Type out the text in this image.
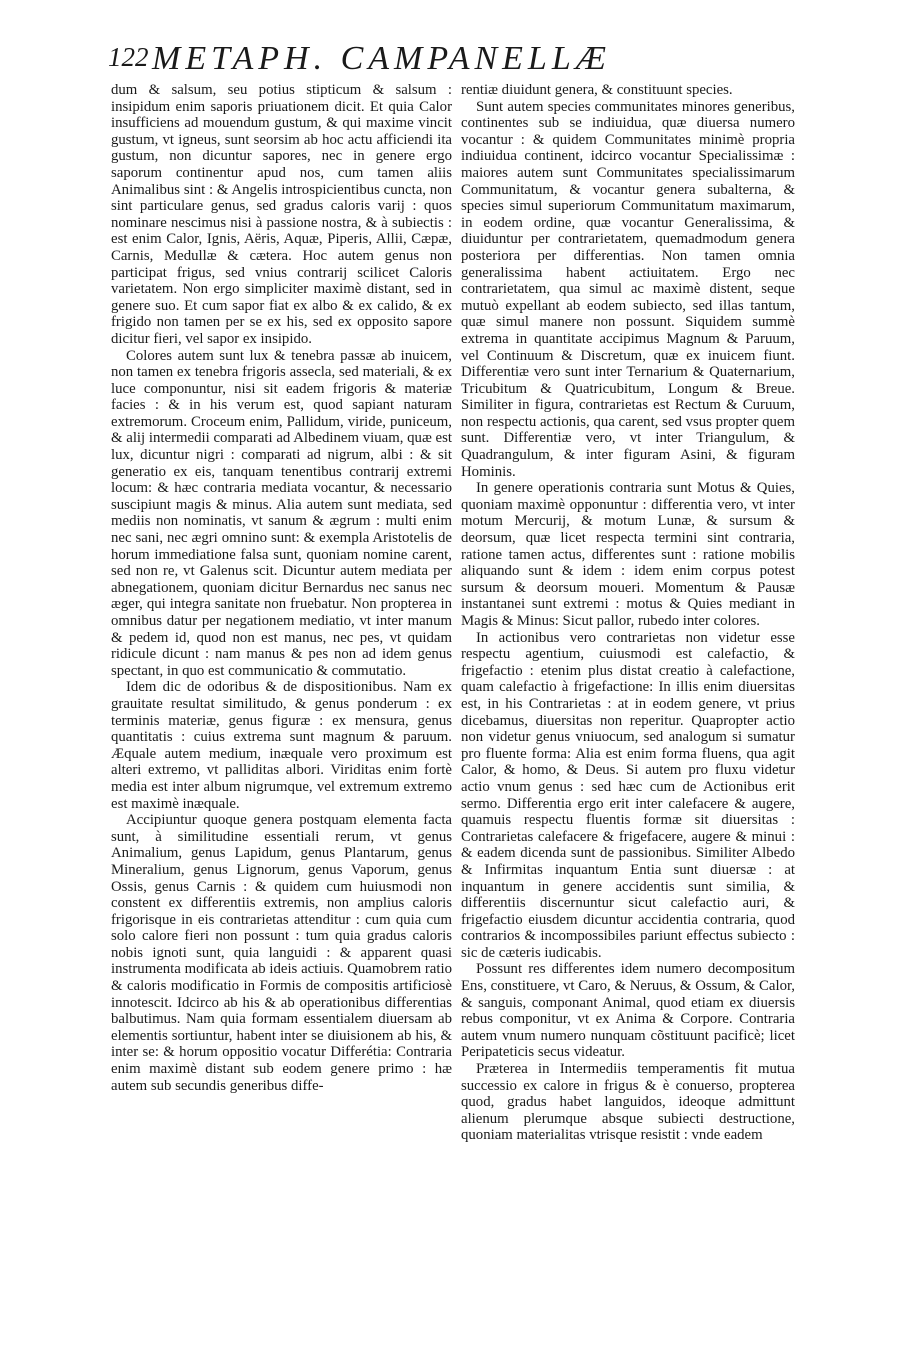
122 METAPH. CAMPANELLÆ

dum & salsum, seu potius stipticum & salsum : insipidum enim saporis priuationem dicit. Et quia Calor insufficiens ad mouendum gustum, & qui maxime vincit gustum, vt igneus, sunt seorsim ab hoc actu afficiendi ita gustum, non dicuntur sapores, nec in genere ergo saporum continentur apud nos, cum tamen aliis Animalibus sint : & Angelis introspicientibus cuncta, non sint particulare genus, sed gradus caloris varij : quos nominare nescimus nisi à passione nostra, & à subiectis : est enim Calor, Ignis, Aëris, Aquæ, Piperis, Allii, Cæpæ, Carnis, Medullæ & cætera. Hoc autem genus non participat frigus, sed vnius contrarij scilicet Caloris varietatem. Non ergo simpliciter maximè distant, sed in genere suo. Et cum sapor fiat ex albo & ex calido, & ex frigido non tamen per se ex his, sed ex opposito sapore dicitur fieri, vel sapor ex insipido.

Colores autem sunt lux & tenebra passæ ab inuicem, non tamen ex tenebra frigoris assecla, sed materiali, & ex luce componuntur, nisi sit eadem frigoris & materiæ facies : & in his verum est, quod sapiant naturam extremorum. Croceum enim, Pallidum, viride, puniceum, & alij intermedii comparati ad Albedinem viuam, quæ est lux, dicuntur nigri : comparati ad nigrum, albi : & sit generatio ex eis, tanquam tenentibus contrarij extremi locum: & hæc contraria mediata vocantur, & necessario suscipiunt magis & minus. Alia autem sunt mediata, sed mediis non nominatis, vt sanum & ægrum : multi enim nec sani, nec ægri omnino sunt: & exempla Aristotelis de horum immediatione falsa sunt, quoniam nomine carent, sed non re, vt Galenus scit. Dicuntur autem mediata per abnegationem, quoniam dicitur Bernardus nec sanus nec æger, qui integra sanitate non fruebatur. Non propterea in omnibus datur per negationem mediatio, vt inter manum & pedem id, quod non est manus, nec pes, vt quidam ridicule dicunt : nam manus & pes non ad idem genus spectant, in quo est communicatio & commutatio.

Idem dic de odoribus & de dispositionibus. Nam ex grauitate resultat similitudo, & genus ponderum : ex terminis materiæ, genus figuræ : ex mensura, genus quantitatis : cuius extrema sunt magnum & paruum. Æquale autem medium, inæquale vero proximum est alteri extremo, vt palliditas albori. Viriditas enim fortè media est inter album nigrumque, vel extremum extremo est maximè inæquale.

Accipiuntur quoque genera postquam elementa facta sunt, à similitudine essentiali rerum, vt genus Animalium, genus Lapidum, genus Plantarum, genus Mineralium, genus Lignorum, genus Vaporum, genus Ossis, genus Carnis : & quidem cum huiusmodi non constent ex differentiis extremis, non amplius caloris frigorisque in eis contrarietas attenditur : cum quia cum solo calore fieri non possunt : tum quia gradus caloris nobis ignoti sunt, quia languidi : & apparent quasi instrumenta modificata ab ideis actiuis. Quamobrem ratio & caloris modificatio in Formis de compositis artificiosè innotescit. Idcirco ab his & ab operationibus differentias balbutimus. Nam quia formam essentialem diuersam ab elementis sortiuntur, habent inter se diuisionem ab his, & inter se: & horum oppositio vocatur Differétia: Contraria enim maximè distant sub eodem genere primo : hæ autem sub secundis generibus diffe-

rentiæ diuidunt genera, & constituunt species.

Sunt autem species communitates minores generibus, continentes sub se indiuidua, quæ diuersa numero vocantur : & quidem Communitates minimè propria indiuidua continent, idcirco vocantur Specialissimæ : maiores autem sunt Communitates specialissimarum Communitatum, & vocantur genera subalterna, & species simul superiorum Communitatum maximarum, in eodem ordine, quæ vocantur Generalissima, & diuiduntur per contrarietatem, quemadmodum genera posteriora per differentias. Non tamen omnia generalissima habent actiuitatem. Ergo nec contrarietatem, qua simul ac maximè distent, seque mutuò expellant ab eodem subiecto, sed illas tantum, quæ simul manere non possunt. Siquidem summè extrema in quantitate accipimus Magnum & Paruum, vel Continuum & Discretum, quæ ex inuicem fiunt. Differentiæ vero sunt inter Ternarium & Quaternarium, Tricubitum & Quatricubitum, Longum & Breue. Similiter in figura, contrarietas est Rectum & Curuum, non respectu actionis, qua carent, sed vsus propter quem sunt. Differentiæ vero, vt inter Triangulum, & Quadrangulum, & inter figuram Asini, & figuram Hominis.

In genere operationis contraria sunt Motus & Quies, quoniam maximè opponuntur : differentia vero, vt inter motum Mercurij, & motum Lunæ, & sursum & deorsum, quæ licet respecta termini sint contraria, ratione tamen actus, differentes sunt : ratione mobilis aliquando sunt & idem : idem enim corpus potest sursum & deorsum moueri. Momentum & Pausæ instantanei sunt extremi : motus & Quies mediant in Magis & Minus: Sicut pallor, rubedo inter colores.

In actionibus vero contrarietas non videtur esse respectu agentium, cuiusmodi est calefactio, & frigefactio : etenim plus distat creatio à calefactione, quam calefactio à frigefactione: In illis enim diuersitas est, in his Contrarietas : at in eodem genere, vt prius dicebamus, diuersitas non reperitur. Quapropter actio non videtur genus vniuocum, sed analogum si sumatur pro fluente forma: Alia est enim forma fluens, qua agit Calor, & homo, & Deus. Si autem pro fluxu videtur actio vnum genus : sed hæc cum de Actionibus erit sermo. Differentia ergo erit inter calefacere & augere, quamuis respectu fluentis formæ sit diuersitas : Contrarietas calefacere & frigefacere, augere & minui : & eadem dicenda sunt de passionibus. Similiter Albedo & Infirmitas inquantum Entia sunt diuersæ : at inquantum in genere accidentis sunt similia, & differentiis discernuntur sicut calefactio auri, & frigefactio eiusdem dicuntur accidentia contraria, quod contrarios & incompossibiles pariunt effectus subiecto : sic de cæteris iudicabis.

Possunt res differentes idem numero decompositum Ens, constituere, vt Caro, & Neruus, & Ossum, & Calor, & sanguis, componant Animal, quod etiam ex diuersis rebus componitur, vt ex Anima & Corpore. Contraria autem vnum numero nunquam cõstituunt pacificè; licet Peripateticis secus videatur.

Præterea in Intermediis temperamentis fit mutua successio ex calore in frigus & è conuerso, propterea quod, gradus habet languidos, ideoque admittunt alienum plerumque absque subiecti destructione, quoniam materialitas vtrisque resistit : vnde eadem
